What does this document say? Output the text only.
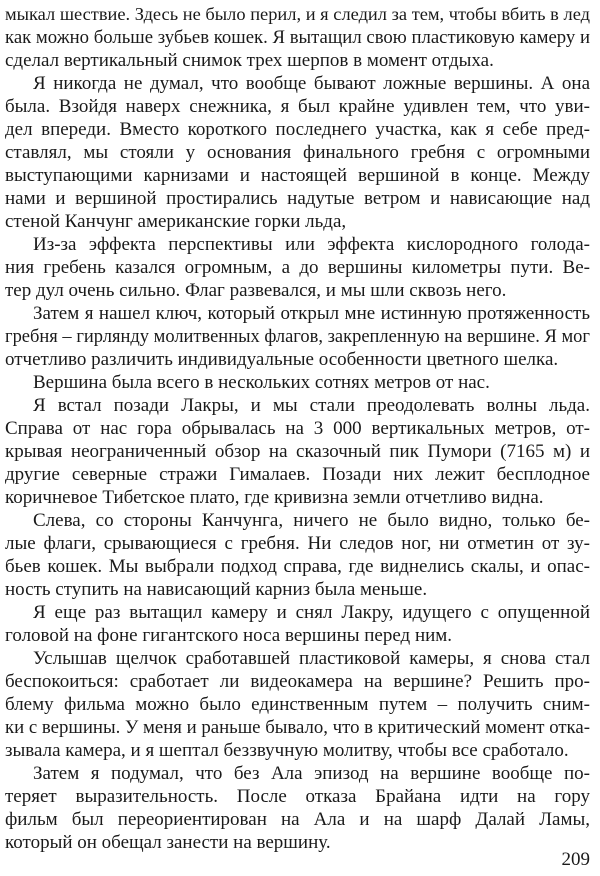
мыкал шествие. Здесь не было перил, и я следил за тем, чтобы вбить в лед
как можно больше зубьев кошек. Я вытащил свою пластиковую камеру и
сделал вертикальный снимок трех шерпов в момент отдыха.
Я никогда не думал, что вообще бывают ложные вершины. А она
была. Взойдя наверх снежника, я был крайне удивлен тем, что уви-
дел впереди. Вместо короткого последнего участка, как я себе пред-
ставлял, мы стояли у основания финального гребня с огромными
выступающими карнизами и настоящей вершиной в конце. Между
нами и вершиной простирались надутые ветром и нависающие над
стеной Канчунг американские горки льда,
Из-за эффекта перспективы или эффекта кислородного голода-
ния гребень казался огромным, а до вершины километры пути. Ве-
тер дул очень сильно. Флаг развевался, и мы шли сквозь него.
Затем я нашел ключ, который открыл мне истинную протяженность
гребня – гирлянду молитвенных флагов, закрепленную на вершине. Я мог
отчетливо различить индивидуальные особенности цветного шелка.
Вершина была всего в нескольких сотнях метров от нас.
Я встал позади Лакры, и мы стали преодолевать волны льда.
Справа от нас гора обрывалась на 3 000 вертикальных метров, от-
крывая неограниченный обзор на сказочный пик Пумори (7165 м) и
другие северные стражи Гималаев. Позади них лежит бесплодное
коричневое Тибетское плато, где кривизна земли отчетливо видна.
Слева, со стороны Канчунга, ничего не было видно, только бе-
лые флаги, срывающиеся с гребня. Ни следов ног, ни отметин от зу-
бьев кошек. Мы выбрали подход справа, где виднелись скалы, и опас-
ность ступить на нависающий карниз была меньше.
Я еще раз вытащил камеру и снял Лакру, идущего с опущенной
головой на фоне гигантского носа вершины перед ним.
Услышав щелчок сработавшей пластиковой камеры, я снова стал
беспокоиться: сработает ли видеокамера на вершине? Решить про-
блему фильма можно было единственным путем – получить сним-
ки с вершины. У меня и раньше бывало, что в критический момент отка-
зывала камера, и я шептал беззвучную молитву, чтобы все сработало.
Затем я подумал, что без Ала эпизод на вершине вообще по-
теряет выразительность. После отказа Брайана идти на гору
фильм был переориентирован на Ала и на шарф Далай Ламы,
который он обещал занести на вершину.
209
